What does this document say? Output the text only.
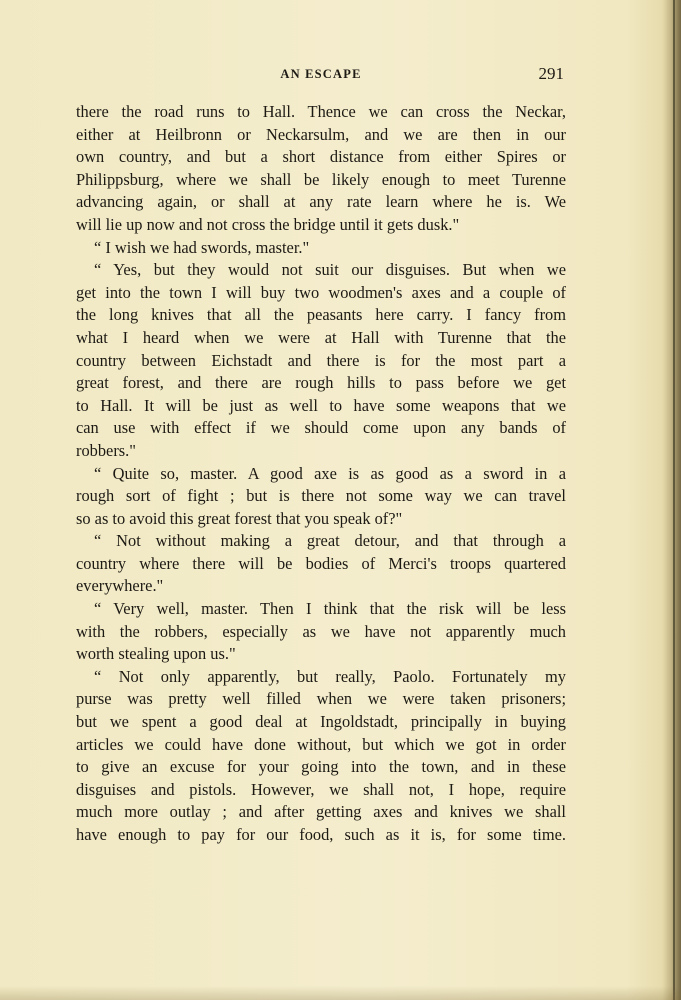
AN ESCAPE	291
there the road runs to Hall. Thence we can cross the Neckar,
either at Heilbronn or Neckarsulm, and we are then in our
own country, and but a short distance from either Spires or
Philippsburg, where we shall be likely enough to meet Turenne
advancing again, or shall at any rate learn where he is. We
will lie up now and not cross the bridge until it gets dusk."
“ I wish we had swords, master."
“ Yes, but they would not suit our disguises. But when we
get into the town I will buy two woodmen's axes and a couple of
the long knives that all the peasants here carry. I fancy from
what I heard when we were at Hall with Turenne that the
country between Eichstadt and there is for the most part a
great forest, and there are rough hills to pass before we get
to Hall. It will be just as well to have some weapons that we
can use with effect if we should come upon any bands of
robbers."
“ Quite so, master. A good axe is as good as a sword in a
rough sort of fight ; but is there not some way we can travel
so as to avoid this great forest that you speak of?"
“ Not without making a great detour, and that through a
country where there will be bodies of Merci's troops quartered
everywhere."
“ Very well, master. Then I think that the risk will be less
with the robbers, especially as we have not apparently much
worth stealing upon us."
“ Not only apparently, but really, Paolo. Fortunately my
purse was pretty well filled when we were taken prisoners;
but we spent a good deal at Ingoldstadt, principally in buying
articles we could have done without, but which we got in order
to give an excuse for your going into the town, and in these
disguises and pistols. However, we shall not, I hope, require
much more outlay ; and after getting axes and knives we shall
have enough to pay for our food, such as it is, for some time.
